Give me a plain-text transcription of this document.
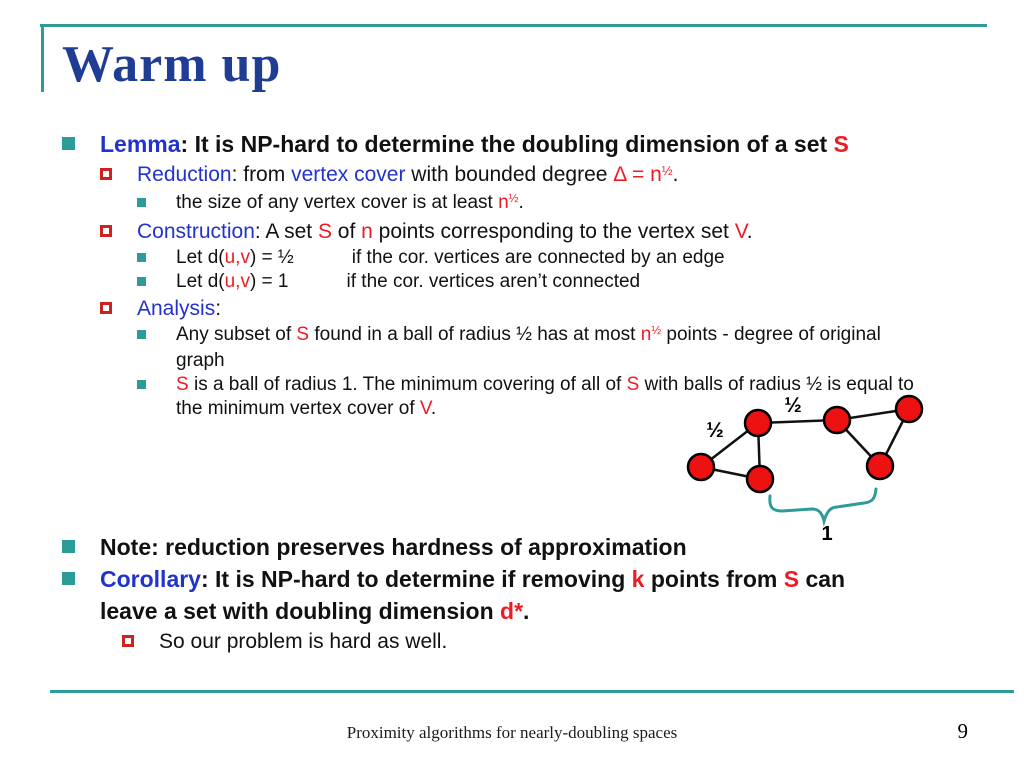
Warm up
Lemma: It is NP-hard to determine the doubling dimension of a set S
Reduction: from vertex cover with bounded degree $\Delta = n^{\frac{1}{2}}$.
the size of any vertex cover is at least $n^{\frac{1}{2}}$.
Construction: A set S of n points corresponding to the vertex set V.
Let d(u,v) = ½	if the cor. vertices are connected by an edge
Let d(u,v) = 1	if the cor. vertices aren’t connected
Analysis:
Any subset of S found in a ball of radius ½ has at most $n^{\frac{1}{2}}$ points - degree of original
graph
S is a ball of radius 1. The minimum covering of all of S with balls of radius ½ is equal to
the minimum vertex cover of V.
Note: reduction preserves hardness of approximation
Corollary: It is NP-hard to determine if removing k points from S can
leave a set with doubling dimension d*.
So our problem is hard as well.
½
½
1
Proximity algorithms for nearly-doubling spaces	9
